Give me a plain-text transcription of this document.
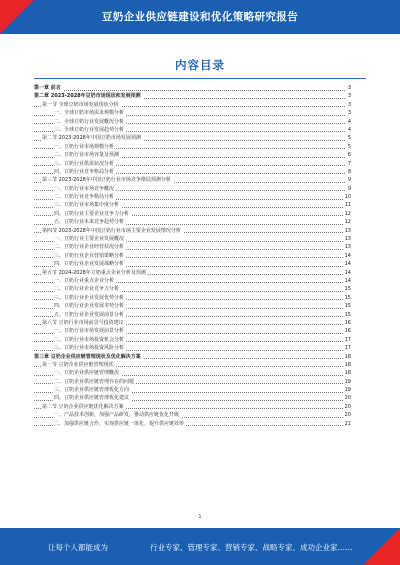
豆奶企业供应链建设和优化策略研究报告
内容目录
第一章 前言	3
第二章 2023-2028年豆奶市场现状和发展预测	3
第一节 全球豆奶市场发展现状分析	3
一、全球豆奶市场需求规模分析	3
二、全球豆奶行业发展概况分析	4
三、全球豆奶行业发展趋势分析	4
第二节 2023-2028年中国豆奶市场发展预测	5
一、豆奶行业市场规模分析	5
二、豆奶行业市场容量及预测	6
三、豆奶行业供需状况分析	7
四、豆奶行业竞争格局分析	8
第三节 2023-2028年中国豆奶行业市场竞争格局预测分析	9
一、豆奶行业市场竞争概况	9
二、豆奶行业竞争格局分析	10
三、豆奶行业市场集中度分析	11
四、豆奶行业主要企业竞争力分析	12
五、豆奶行业未来竞争趋势分析	12
第四节 2023-2028年中国豆奶行业市场主要企业发展情况分析	13
一、豆奶行业主要企业发展概况	13
二、豆奶行业企业经营状况分析	13
三、豆奶行业企业营销策略分析	14
四、豆奶行业企业发展战略分析	14
第五节 2024-2028年豆奶重点企业分析及预测	14
一、豆奶行业重点企业分析	14
二、豆奶行业企业竞争力分析	15
三、豆奶行业企业发展优势分析	15
四、豆奶行业企业发展劣势分析	15
五、豆奶行业企业发展前景分析	15
第六节 豆奶行业市场前景与投资建议	16
一、豆奶行业市场发展前景分析	16
二、豆奶行业市场投资机会分析	17
三、豆奶行业市场投资风险分析	17
第三章 豆奶企业供应链管理现状及优化解决方案	18
第一节 豆奶企业供应链管理现状	18
一、豆奶企业供应链管理概况	18
二、豆奶企业供应链管理存在的问题	19
三、豆奶企业供应链管理优化方向	19
四、豆奶企业供应链管理优化建议	20
第二节 豆奶企业供应链优化解决方案	20
一、产品技术创新，加强产品研发，推动供应链优化升级	20
二、加强供应链合作，实现供应链一体化，提升供应链效率	21
1
让每个人都能成为	行业专家、管理专家、营销专家、战略专家、成功企业家……
